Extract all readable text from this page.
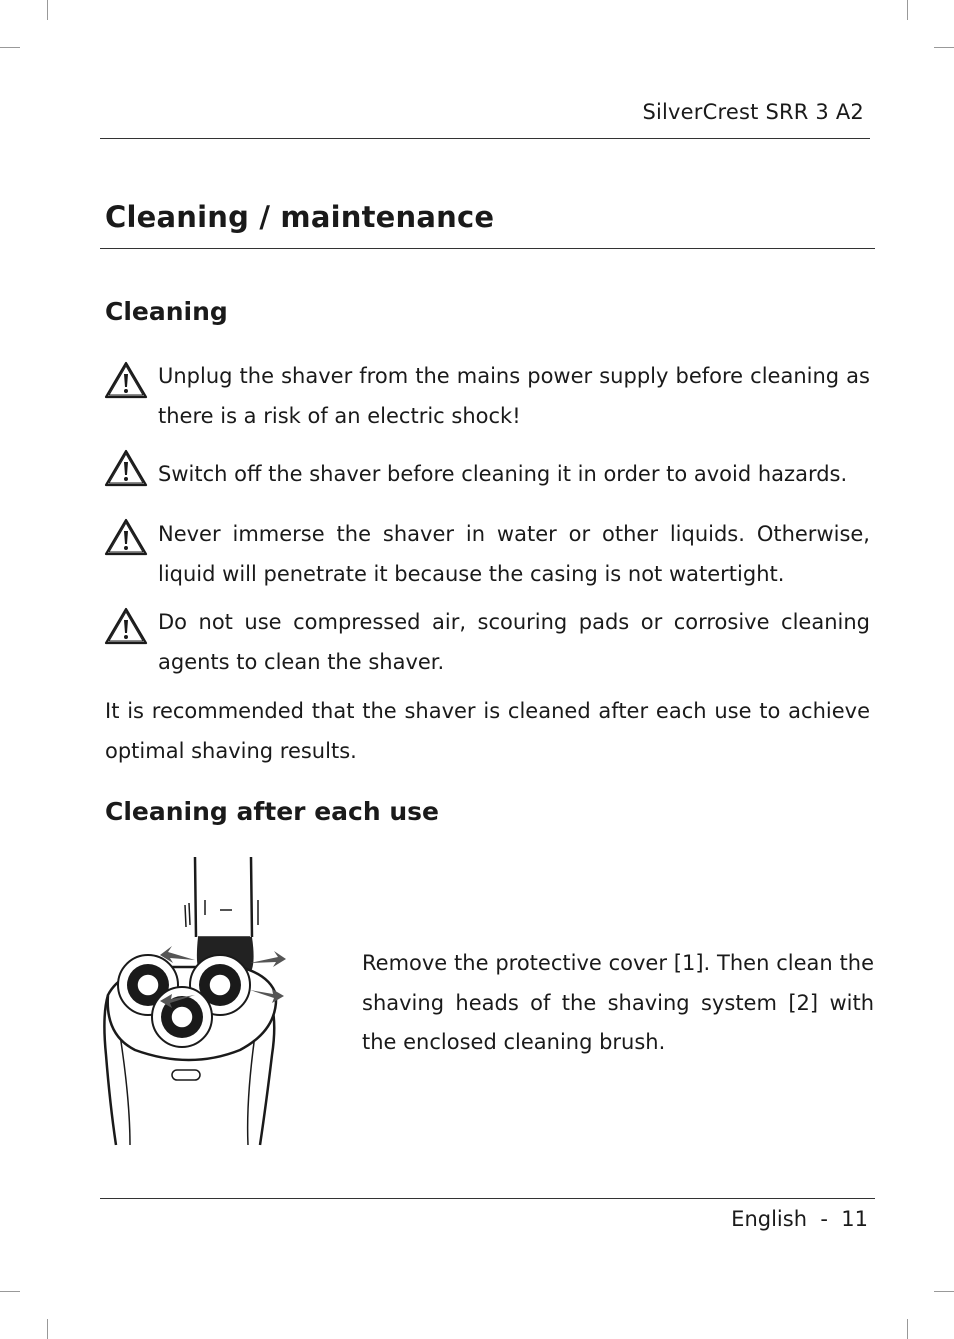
SilverCrest SRR 3 A2
Cleaning / maintenance
Cleaning

Unplug the shaver from the mains power supply before cleaning as there is a risk of an electric shock!

Switch off the shaver before cleaning it in order to avoid hazards.

Never immerse the shaver in water or other liquids. Otherwise, liquid will penetrate it because the casing is not watertight.

Do not use compressed air, scouring pads or corrosive cleaning agents to clean the shaver.

It is recommended that the shaver is cleaned after each use to achieve optimal shaving results.

Cleaning after each use

Remove the protective cover [1]. Then clean the shaving heads of the shaving system [2] with the enclosed cleaning brush.

English  -  11
